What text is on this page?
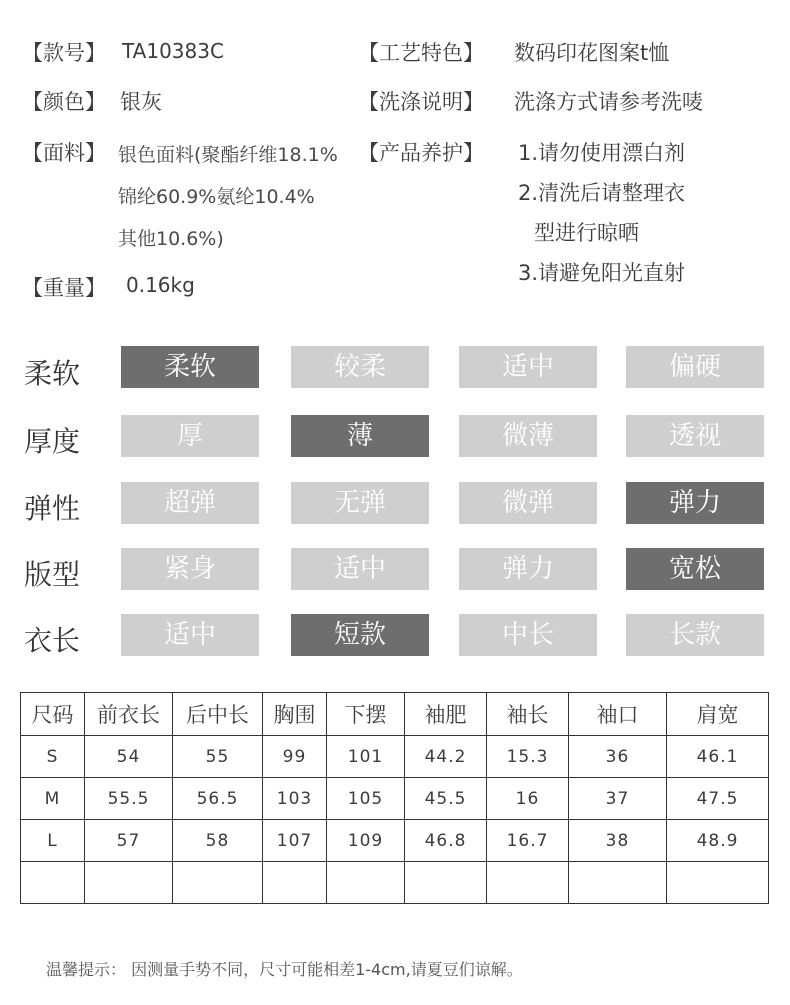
【款号】 TA10383C
【颜色】 银灰
【面料】 银色面料(聚酯纤维18.1%
锦纶60.9%氨纶10.4%
其他10.6%)
【重量】 0.16kg
【工艺特色】 数码印花图案t恤
【洗涤说明】 洗涤方式请参考洗唛
【产品养护】 1.请勿使用漂白剂
2.清洗后请整理衣
型进行晾晒
3.请避免阳光直射
柔软	柔软	较柔	适中	偏硬
厚度	厚	薄	微薄	透视
弹性	超弹	无弹	微弹	弹力
版型	紧身	适中	弹力	宽松
衣长	适中	短款	中长	长款
尺码	前衣长	后中长	胸围	下摆	袖肥	袖长	袖口	肩宽
S	54	55	99	101	44.2	15.3	36	46.1
M	55.5	56.5	103	105	45.5	16	37	47.5
L	57	58	107	109	46.8	16.7	38	48.9

温馨提示： 因测量手势不同，尺寸可能相差1-4cm,请夏豆们谅解。
